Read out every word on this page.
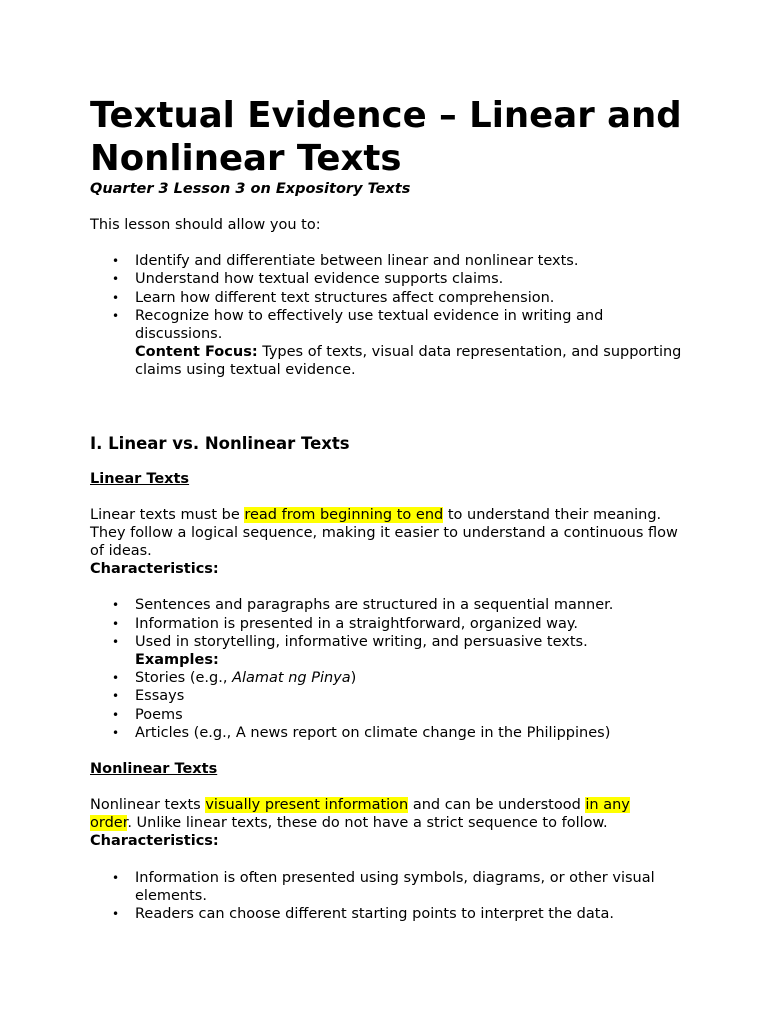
Textual Evidence – Linear and Nonlinear Texts

Quarter 3 Lesson 3 on Expository Texts

This lesson should allow you to:

• Identify and differentiate between linear and nonlinear texts.
• Understand how textual evidence supports claims.
• Learn how different text structures affect comprehension.
• Recognize how to effectively use textual evidence in writing and discussions.
Content Focus: Types of texts, visual data representation, and supporting claims using textual evidence.
I. Linear vs. Nonlinear Texts

Linear Texts

Linear texts must be read from beginning to end to understand their meaning. They follow a logical sequence, making it easier to understand a continuous flow of ideas.

Characteristics:

• Sentences and paragraphs are structured in a sequential manner.
• Information is presented in a straightforward, organized way.
• Used in storytelling, informative writing, and persuasive texts.
Examples:
• Stories (e.g., Alamat ng Pinya)
• Essays
• Poems
• Articles (e.g., A news report on climate change in the Philippines)

Nonlinear Texts

Nonlinear texts visually present information and can be understood in any
order. Unlike linear texts, these do not have a strict sequence to follow.

Characteristics:

• Information is often presented using symbols, diagrams, or other visual elements.
• Readers can choose different starting points to interpret the data.
